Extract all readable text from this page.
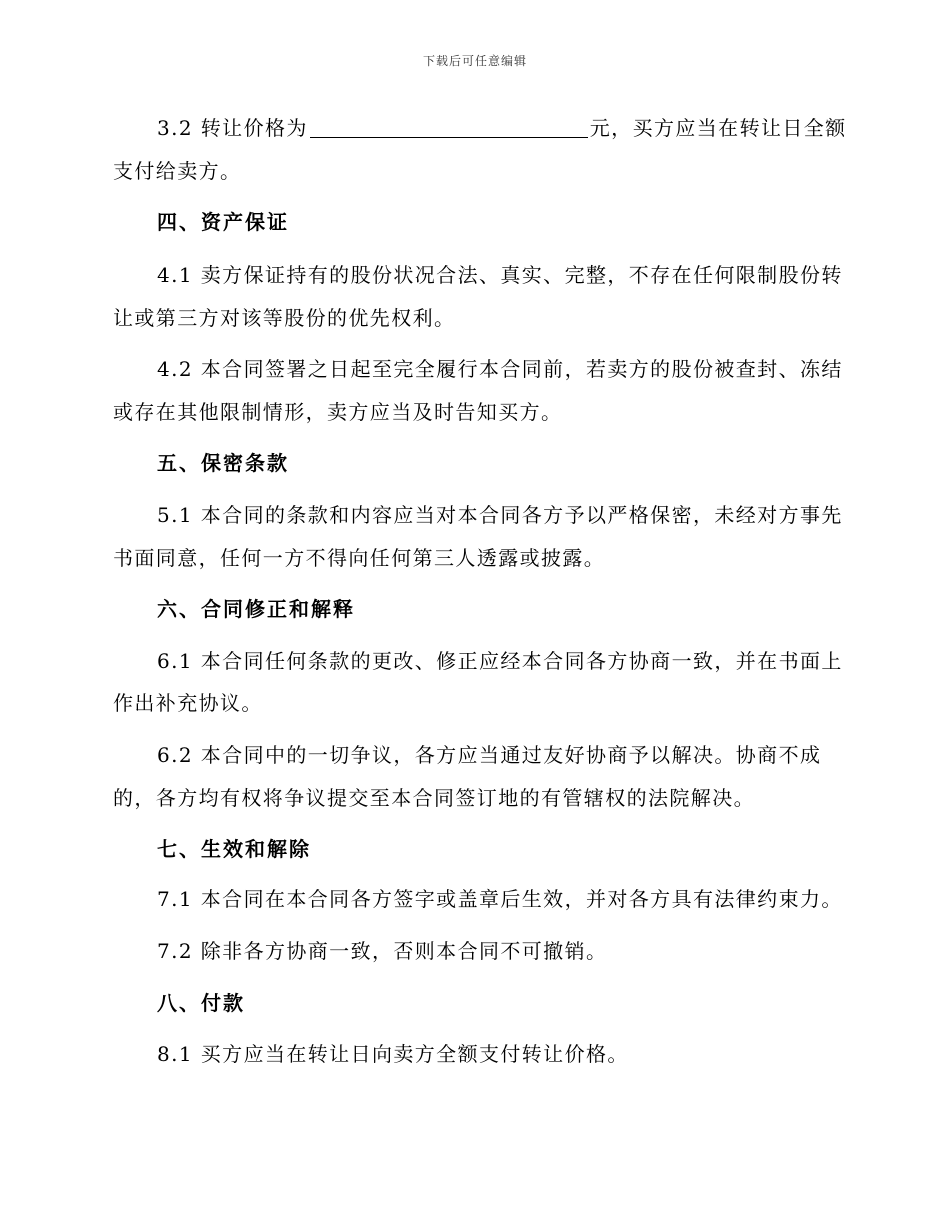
下载后可任意编辑
3.2 转让价格为	元，买方应当在转让日全额
支付给卖方。
四、资产保证
4.1 卖方保证持有的股份状况合法、真实、完整，不存在任何限制股份转
让或第三方对该等股份的优先权利。
4.2 本合同签署之日起至完全履行本合同前，若卖方的股份被查封、冻结
或存在其他限制情形，卖方应当及时告知买方。
五、保密条款
5.1 本合同的条款和内容应当对本合同各方予以严格保密，未经对方事先
书面同意，任何一方不得向任何第三人透露或披露。
六、合同修正和解释
6.1 本合同任何条款的更改、修正应经本合同各方协商一致，并在书面上
作出补充协议。
6.2 本合同中的一切争议，各方应当通过友好协商予以解决。协商不成
的，各方均有权将争议提交至本合同签订地的有管辖权的法院解决。
七、生效和解除
7.1 本合同在本合同各方签字或盖章后生效，并对各方具有法律约束力。
7.2 除非各方协商一致，否则本合同不可撤销。
八、付款
8.1 买方应当在转让日向卖方全额支付转让价格。
